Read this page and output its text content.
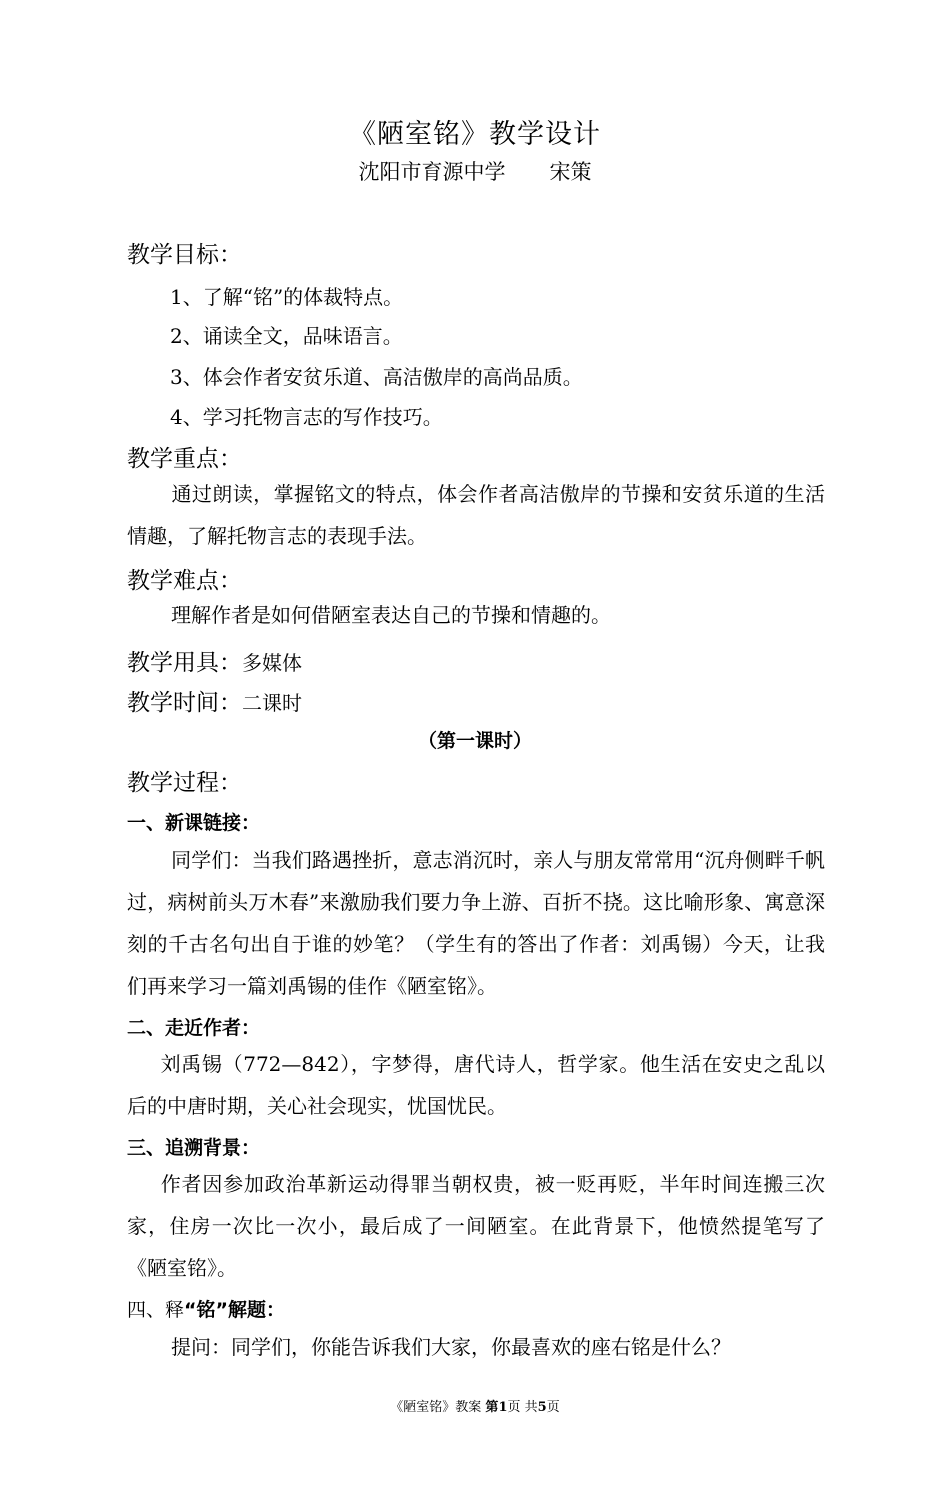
《陋室铭》教学设计
沈阳市育源中学 宋策
教学目标：
1、了解“铭”的体裁特点。
2、诵读全文，品味语言。
3、体会作者安贫乐道、高洁傲岸的高尚品质。
4、学习托物言志的写作技巧。
教学重点：
通过朗读，掌握铭文的特点，体会作者高洁傲岸的节操和安贫乐道的生活情趣，了解托物言志的表现手法。
教学难点：
理解作者是如何借陋室表达自己的节操和情趣的。
教学用具：多媒体
教学时间：二课时
（第一课时）
教学过程：
一、新课链接：
同学们：当我们路遇挫折，意志消沉时，亲人与朋友常常用“沉舟侧畔千帆过，病树前头万木春”来激励我们要力争上游、百折不挠。这比喻形象、寓意深刻的千古名句出自于谁的妙笔？（学生有的答出了作者：刘禹锡）今天，让我们再来学习一篇刘禹锡的佳作《陋室铭》。
二、走近作者：
刘禹锡（772—842），字梦得，唐代诗人，哲学家。他生活在安史之乱以后的中唐时期，关心社会现实，忧国忧民。
三、追溯背景：
作者因参加政治革新运动得罪当朝权贵，被一贬再贬，半年时间连搬三次家，住房一次比一次小，最后成了一间陋室。在此背景下，他愤然提笔写了《陋室铭》。
四、释“铭”解题：
提问：同学们，你能告诉我们大家，你最喜欢的座右铭是什么？
《陋室铭》教案 第1页 共5页
